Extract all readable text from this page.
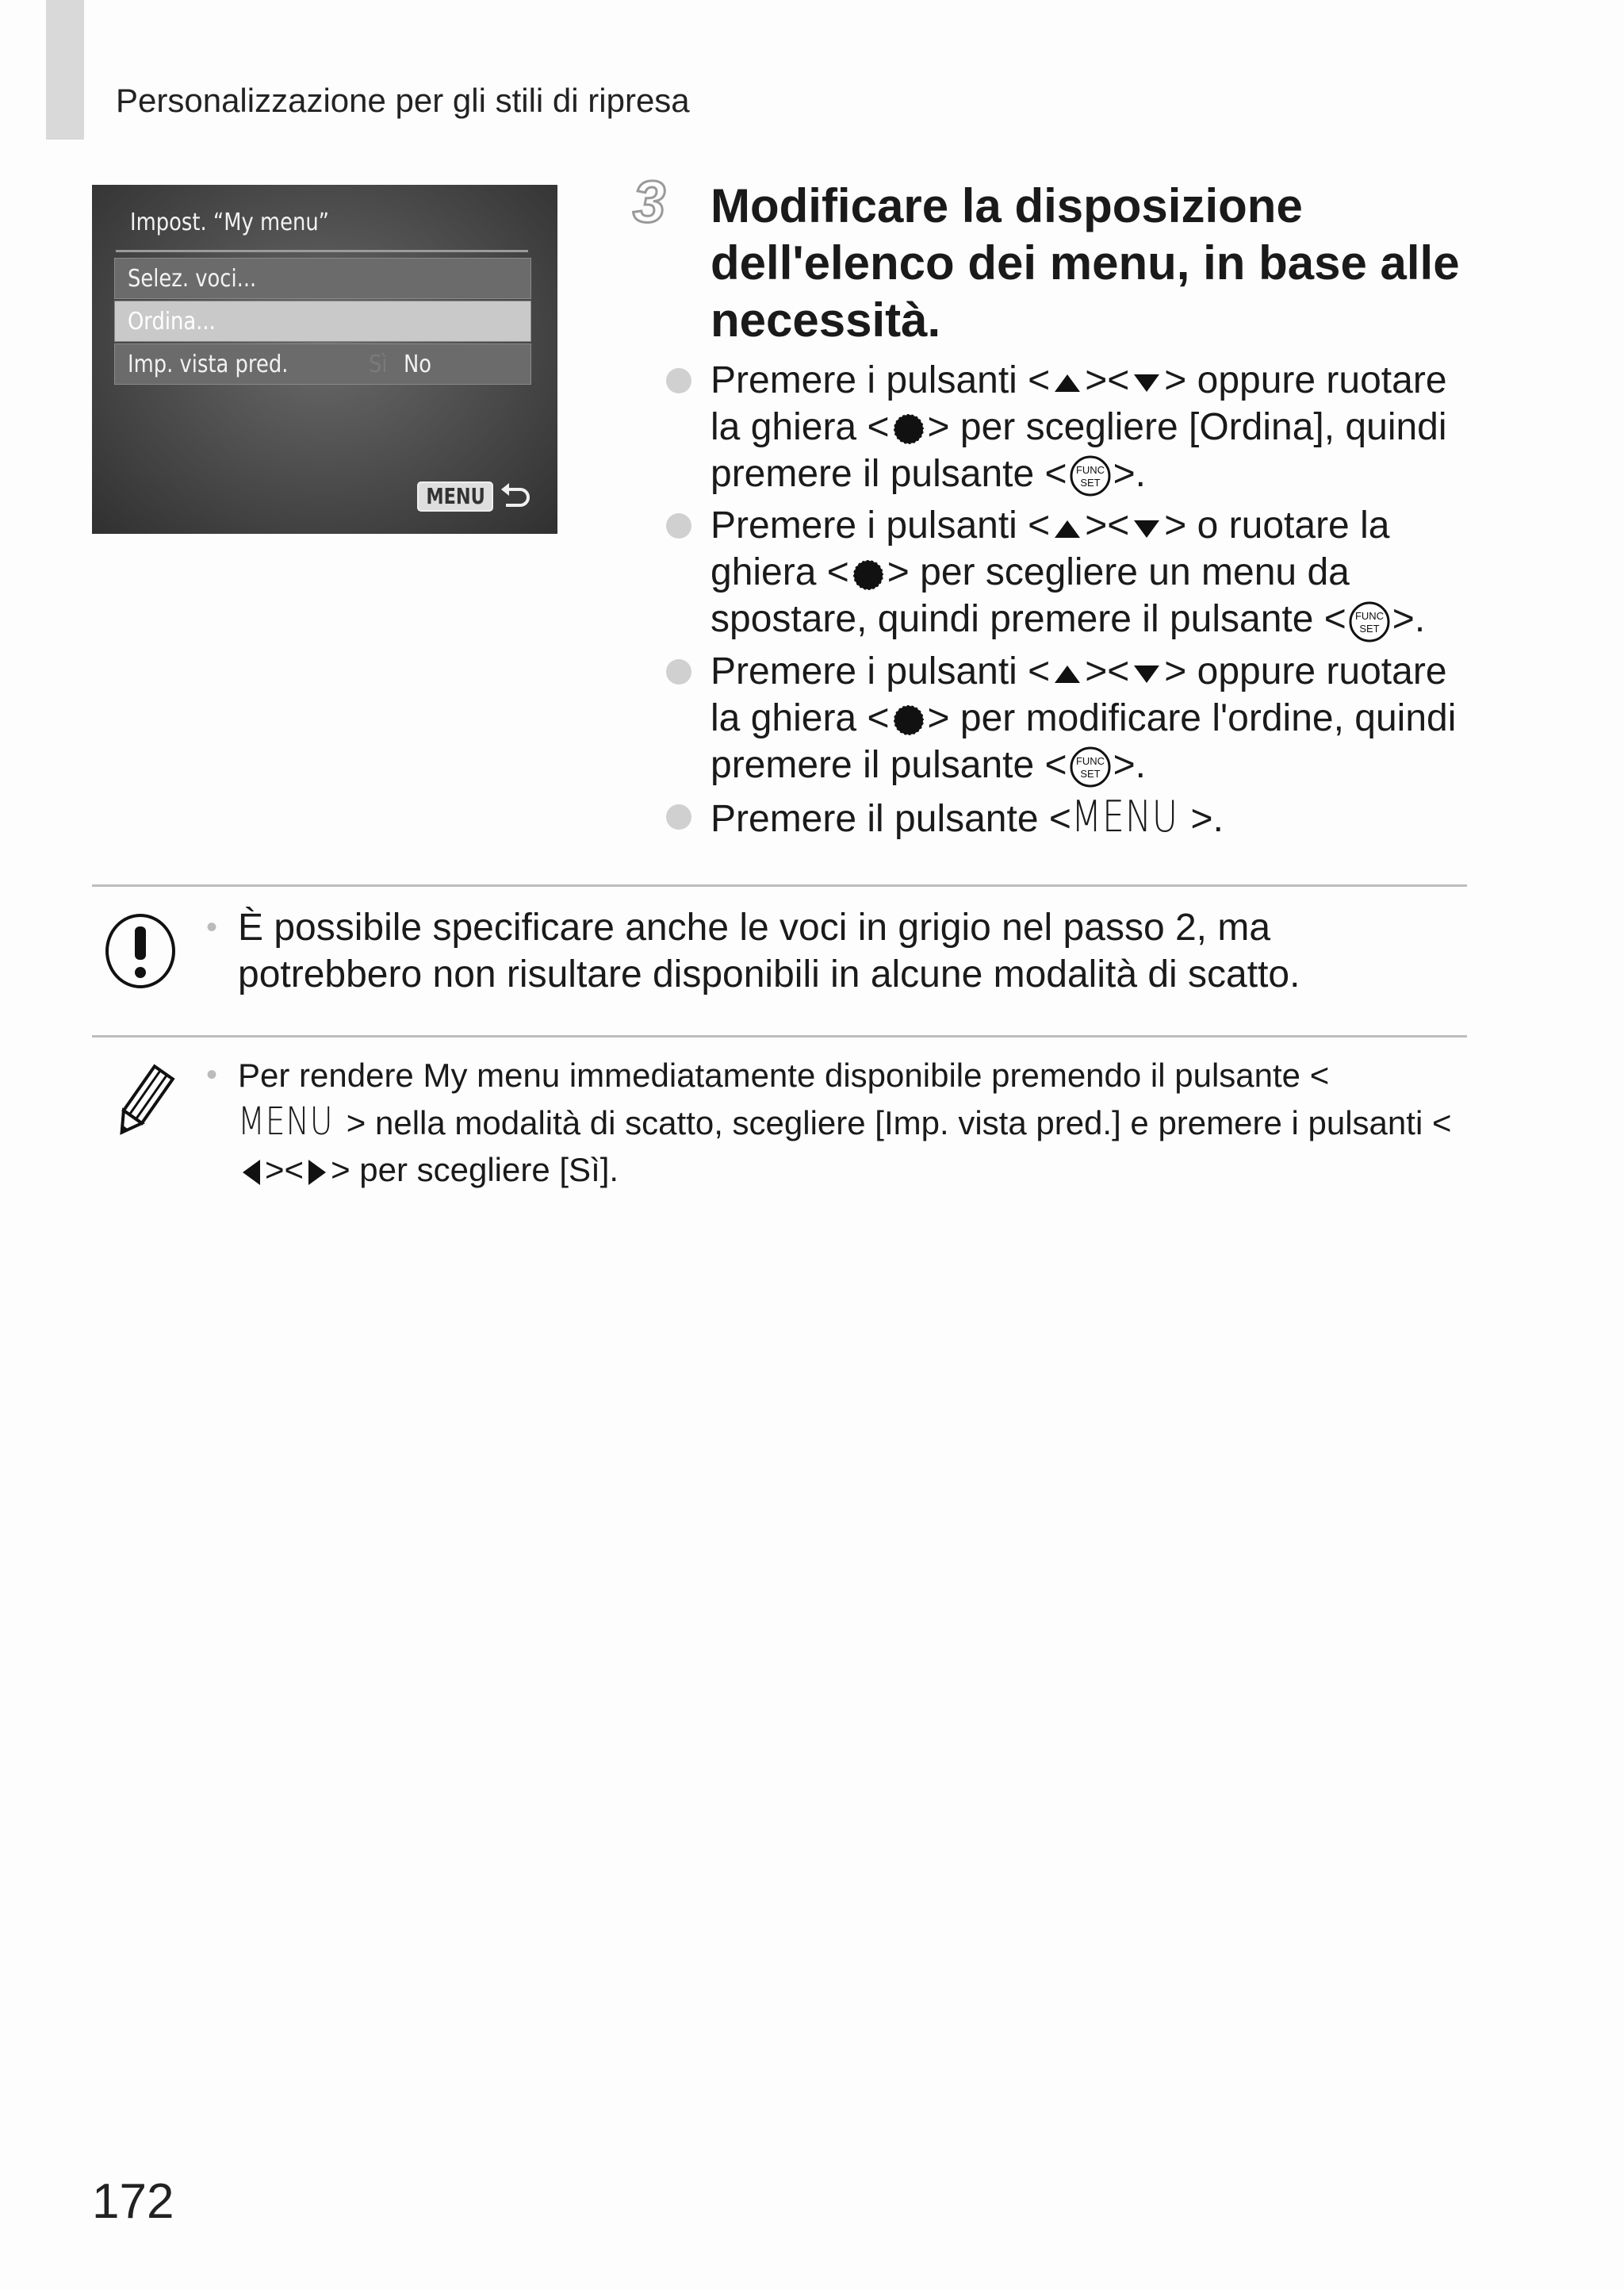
Personalizzazione per gli stili di ripresa
Impost. “My menu”
Selez. voci...
Ordina...
Imp. vista pred.	Sì No
MENU
3 Modificare la disposizione dell'elenco dei menu, in base alle necessità.
Premere i pulsanti < >< > oppure ruotare la ghiera < > per scegliere [Ordina], quindi premere il pulsante < FUNC
SET >.
Premere i pulsanti < >< > o ruotare la ghiera < > per scegliere un menu da spostare, quindi premere il pulsante < FUNC
SET >.
Premere i pulsanti < >< > oppure ruotare la ghiera < > per modificare l'ordine, quindi premere il pulsante < FUNC
SET >.
Premere il pulsante <MENU >.
• È possibile specificare anche le voci in grigio nel passo 2, ma potrebbero non risultare disponibili in alcune modalità di scatto.

• Per rendere My menu immediatamente disponibile premendo il pulsante <
MENU > nella modalità di scatto, scegliere [Imp. vista pred.] e premere i pulsanti <>< > per scegliere [Sì].

172
